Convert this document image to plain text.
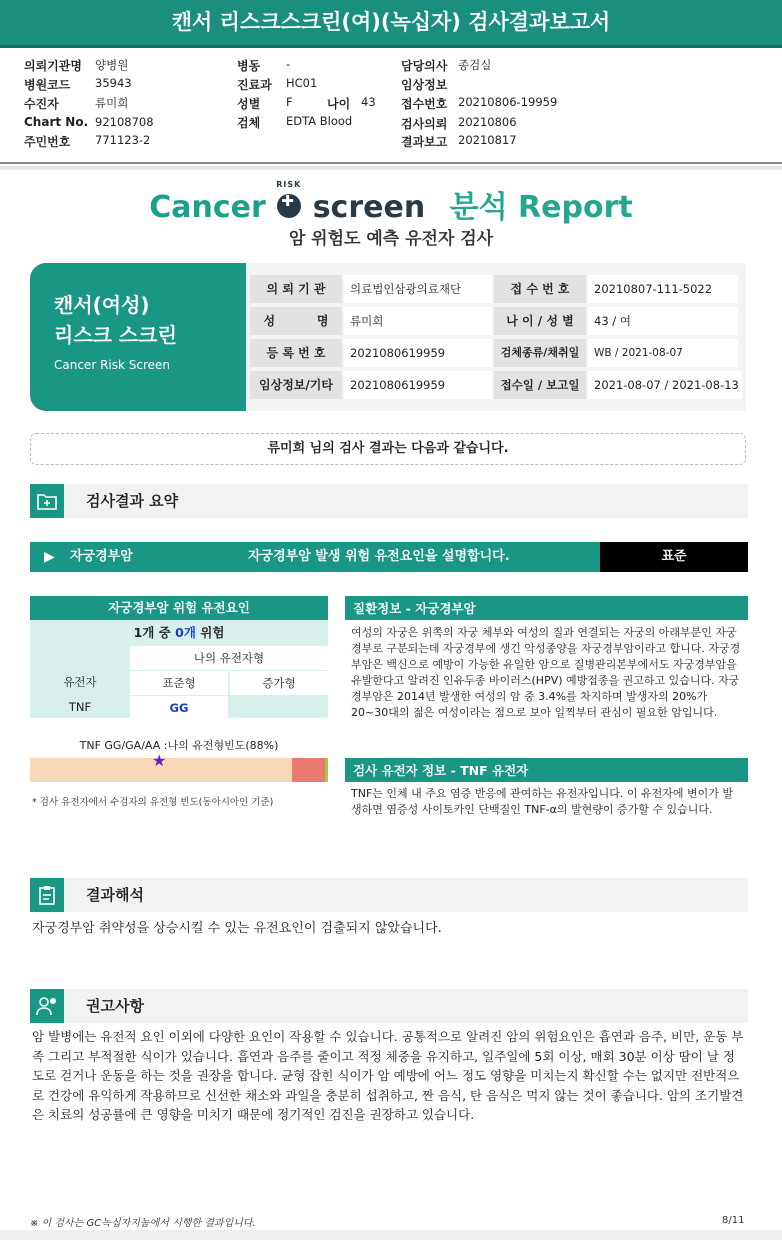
캔서 리스크스크린(여)(녹십자) 검사결과보고서
의뢰기관명 양병원
병원코드 35943
수진자	류미희
Chart No. 92108708
주민번호 771123-2
병동 -
진료과 HC01
성별 F	나이 43
검체 EDTA Blood
담당의사 종검실
임상정보
접수번호 20210806-19959
검사의뢰 20210806
결과보고 20210817
Cancer ✚
RISK
screen 분석 Report
암 위험도 예측 유전자 검사
캔서(여성)
리스크 스크린
Cancer Risk Screen
의 뢰 기 관	의료법인삼광의료재단	접 수 번 호	20210807-111-5022
성          명	류미희	나 이 / 성 별	43 / 여
등 록 번 호	2021080619959	검체종류/채취일	WB / 2021-08-07
임상정보/기타	2021080619959	접수일 / 보고일	2021-08-07 / 2021-08-13
류미희 님의 검사 결과는 다음과 같습니다.
검사결과 요약
▶ 자궁경부암	자궁경부암 발생 위험 유전요인을 설명합니다.	표준
자궁경부암 위험 유전요인
1개 중 0개 위험
나의 유전자형
유전자	표준형	증가형
TNF	GG
TNF GG/GA/AA :나의 유전형빈도(88%)
★
* 검사 유전자에서 수검자의 유전형 빈도(동아시아인 기준)
질환정보 - 자궁경부암
여성의 자궁은 위쪽의 자궁 체부와 여성의 질과 연결되는 자궁의 아래부분인 자궁경부로 구분되는데 자궁경부에 생긴 악성종양을 자궁경부암이라고 합니다. 자궁경부암은 백신으로 예방이 가능한 유일한 암으로 질병관리본부에서도 자궁경부암을 유발한다고 알려진 인유두종 바이러스(HPV) 예방접종을 권고하고 있습니다. 자궁경부암은 2014년 발생한 여성의 암 중 3.4%를 차지하며 발생자의 20%가 20~30대의 젊은 여성이라는 점으로 보아 일찍부터 관심이 필요한 암입니다.
검사 유전자 정보 - TNF 유전자
TNF는 인체 내 주요 염증 반응에 관여하는 유전자입니다. 이 유전자에 변이가 발생하면 염증성 사이토카인 단백질인 TNF-α의 발현량이 증가할 수 있습니다.
결과해석
자궁경부암 취약성을 상승시킬 수 있는 유전요인이 검출되지 않았습니다.
권고사항
암 발병에는 유전적 요인 이외에 다양한 요인이 작용할 수 있습니다. 공통적으로 알려진 암의 위험요인은 흡연과 음주, 비만, 운동 부족 그리고 부적절한 식이가 있습니다. 흡연과 음주를 줄이고 적정 체중을 유지하고, 일주일에 5회 이상, 매회 30분 이상 땀이 날 정도로 걷거나 운동을 하는 것을 권장을 합니다. 균형 잡힌 식이가 암 예방에 어느 정도 영향을 미치는지 확신할 수는 없지만 전반적으로 건강에 유익하게 작용하므로 신선한 채소와 과일을 충분히 섭취하고, 짠 음식, 탄 음식은 먹지 않는 것이 좋습니다. 암의 조기발견은 치료의 성공률에 큰 영향을 미치기 때문에 정기적인 검진을 권장하고 있습니다.
※ 이 검사는 GC녹십자지놈에서 시행한 결과입니다.	8/11
